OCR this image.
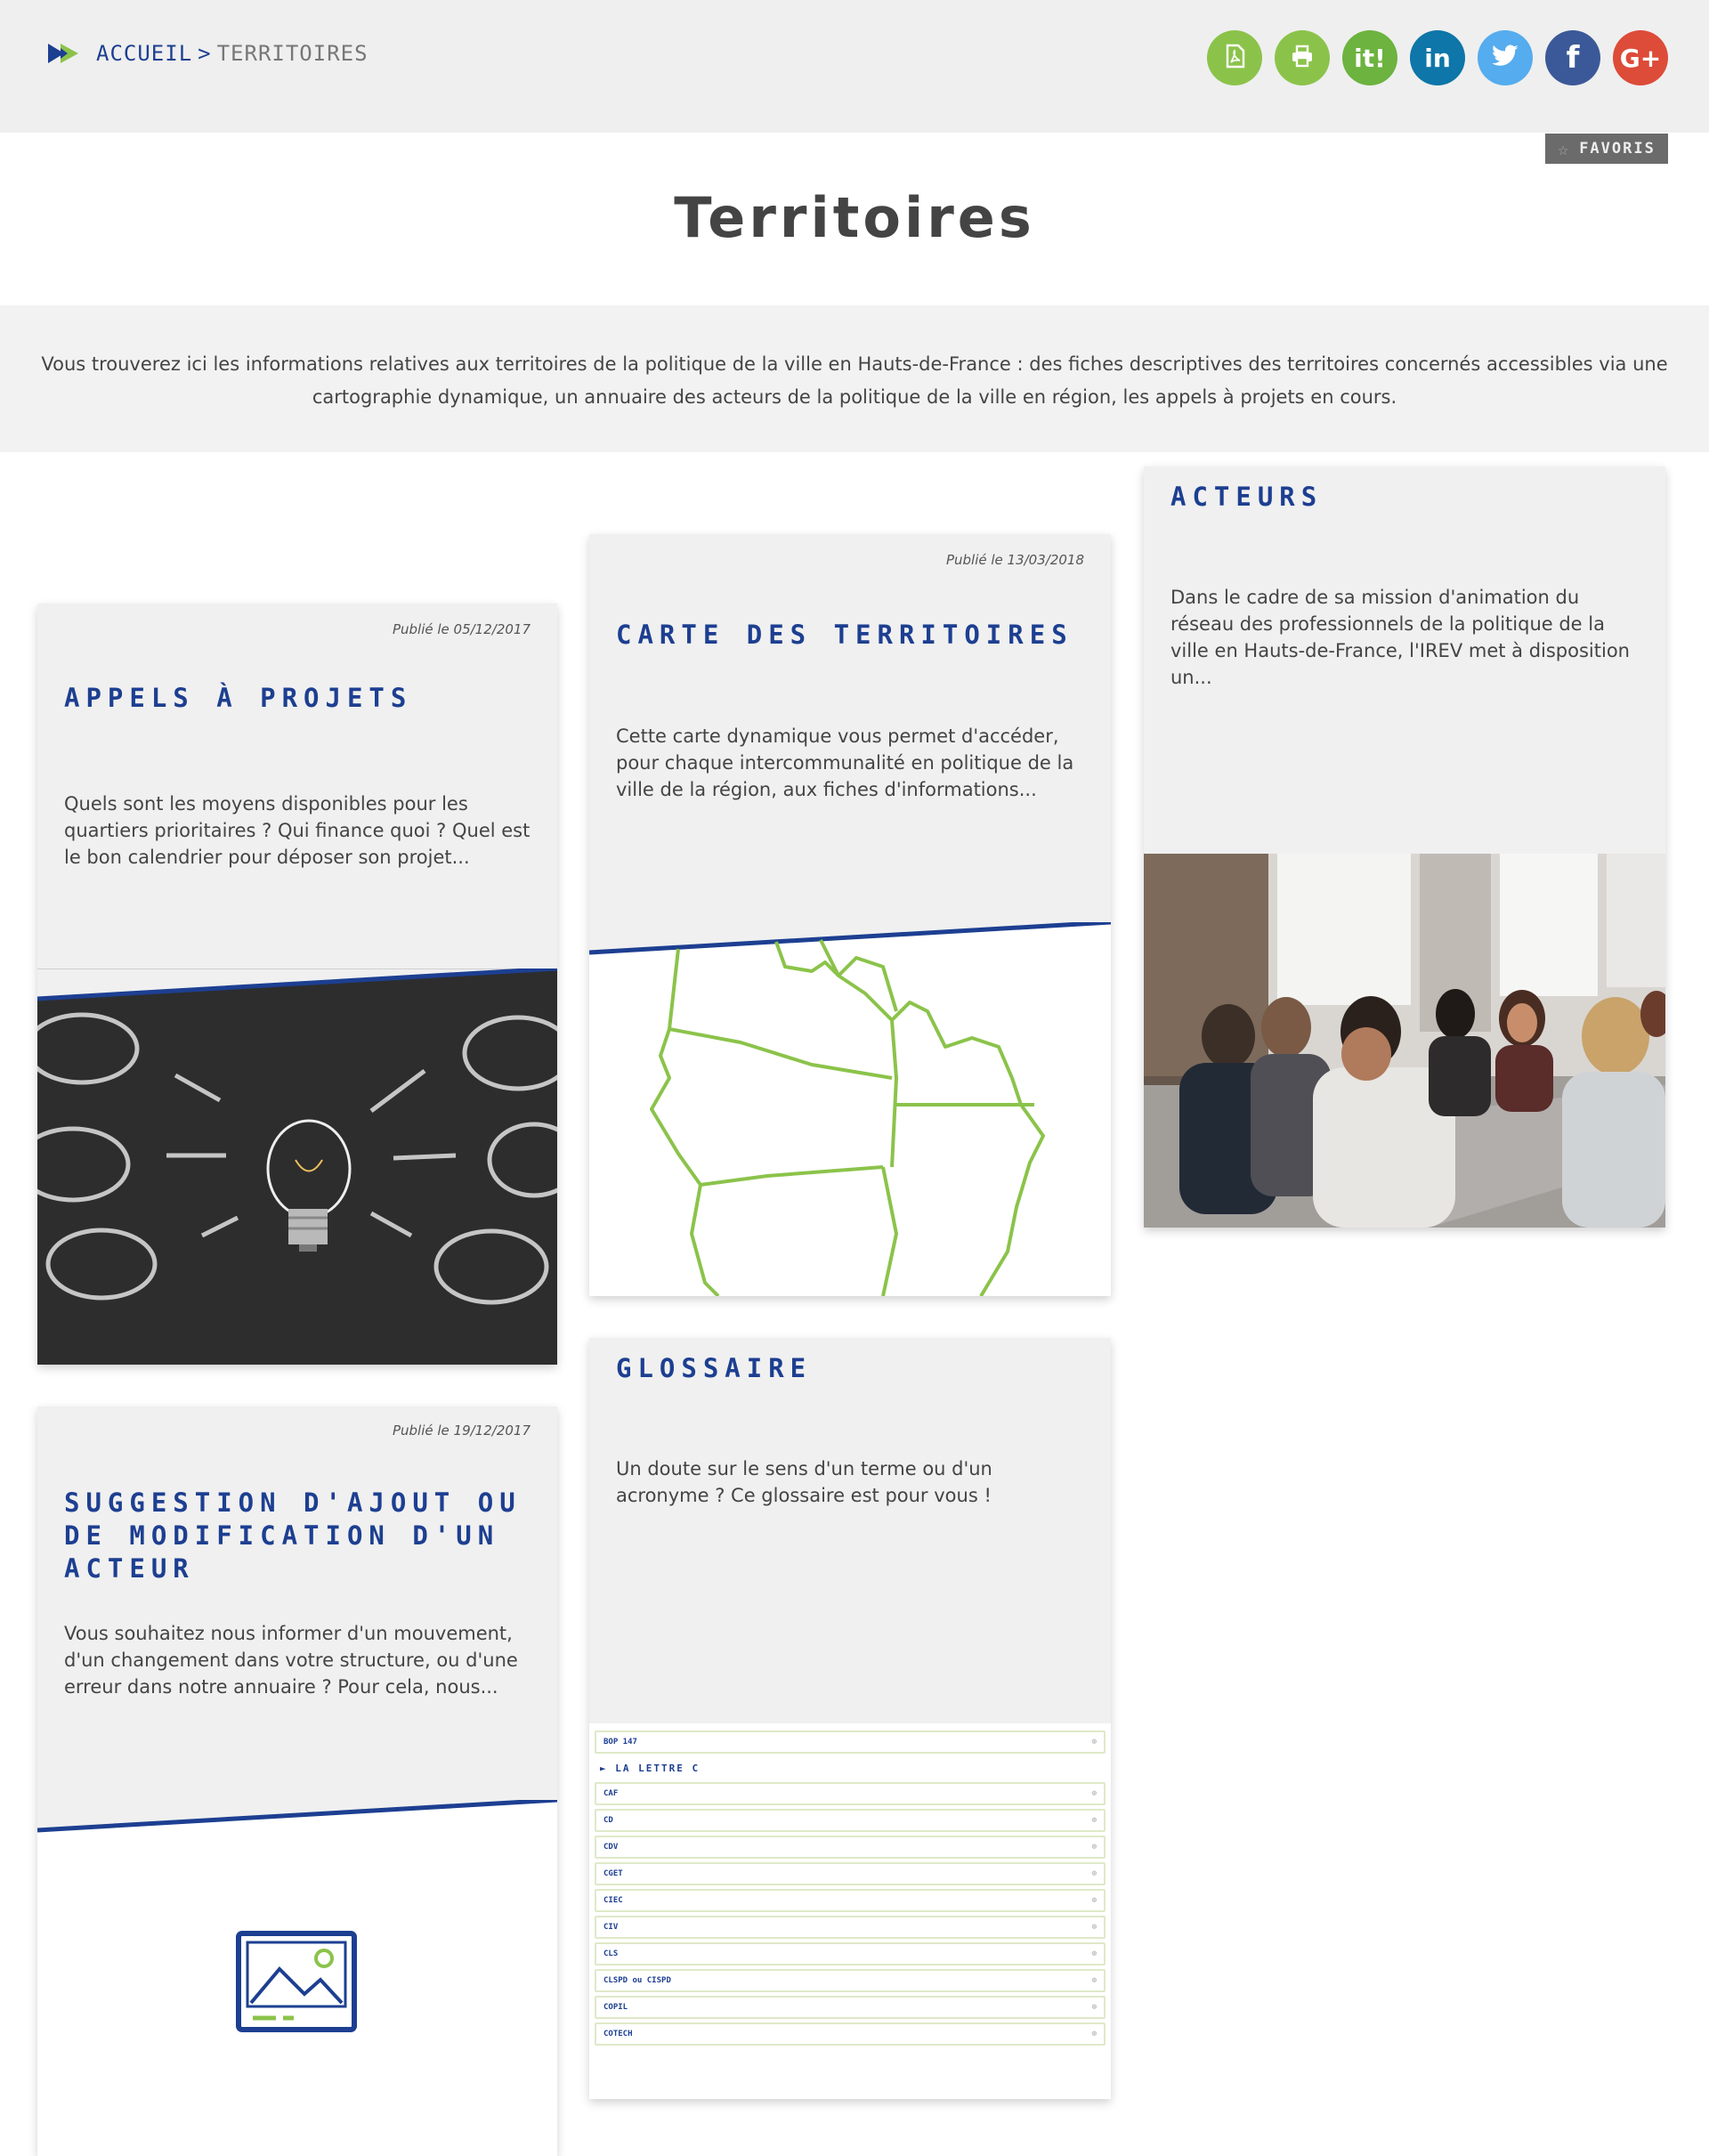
ACCUEIL > TERRITOIRES	it! in	f G+
☆ FAVORIS
Territoires
Vous trouverez ici les informations relatives aux territoires de la politique de la ville en Hauts-de-France : des fiches descriptives des territoires concernés accessibles via une cartographie dynamique, un annuaire des acteurs de la politique de la ville en région, les appels à projets en cours.
Publié le 05/12/2017
APPELS À PROJETS
Quels sont les moyens disponibles pour les quartiers prioritaires ? Qui finance quoi ? Quel est le bon calendrier pour déposer son projet...
Publié le 13/03/2018
CARTE DES TERRITOIRES
Cette carte dynamique vous permet d'accéder, pour chaque intercommunalité en politique de la ville de la région, aux fiches d'informations...
ACTEURS
Dans le cadre de sa mission d'animation du réseau des professionnels de la politique de la ville en Hauts-de-France, l'IREV met à disposition un...
Publié le 19/12/2017
SUGGESTION D'AJOUT OU DE MODIFICATION D'UN ACTEUR
Vous souhaitez nous informer d'un mouvement, d'un changement dans votre structure, ou d'une erreur dans notre annuaire ? Pour cela, nous...
GLOSSAIRE
Un doute sur le sens d'un terme ou d'un acronyme ? Ce glossaire est pour vous !
BOP 147	⊕
► LA LETTRE C
CAF	⊕
CD	⊕
CDV	⊕
CGET	⊕
CIEC	⊕
CIV	⊕
CLS	⊕
CLSPD ou CISPD	⊕
COPIL	⊕
COTECH	⊕
